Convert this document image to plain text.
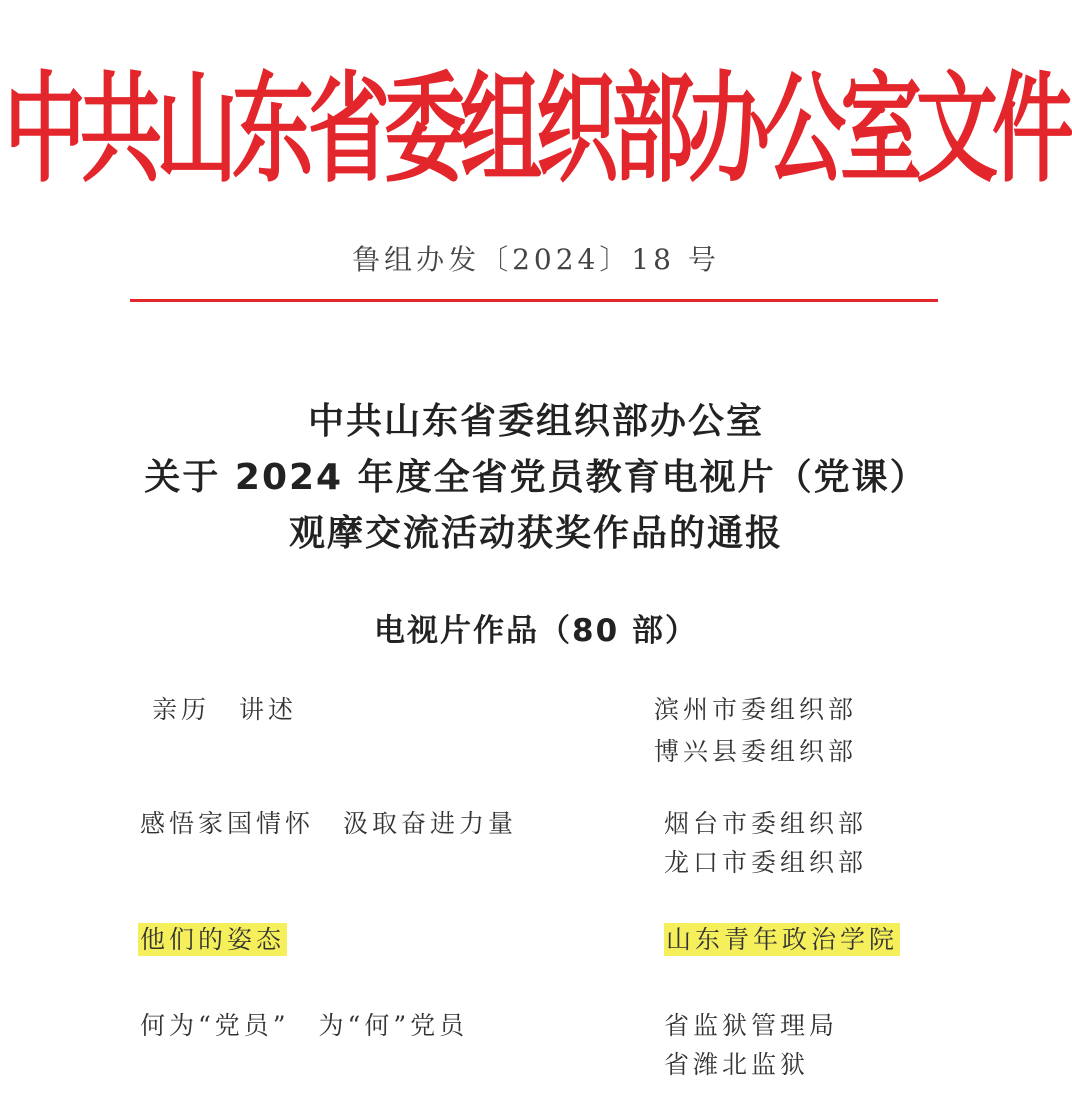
中共山东省委组织部办公室文件
鲁组办发〔2024〕18 号
中共山东省委组织部办公室
关于 2024 年度全省党员教育电视片（党课）
观摩交流活动获奖作品的通报
电视片作品（80 部）
亲历　讲述	滨州市委组织部
博兴县委组织部
感悟家国情怀　汲取奋进力量	烟台市委组织部
龙口市委组织部
他们的姿态	山东青年政治学院
何为“党员”　为“何”党员	省监狱管理局
省潍北监狱
